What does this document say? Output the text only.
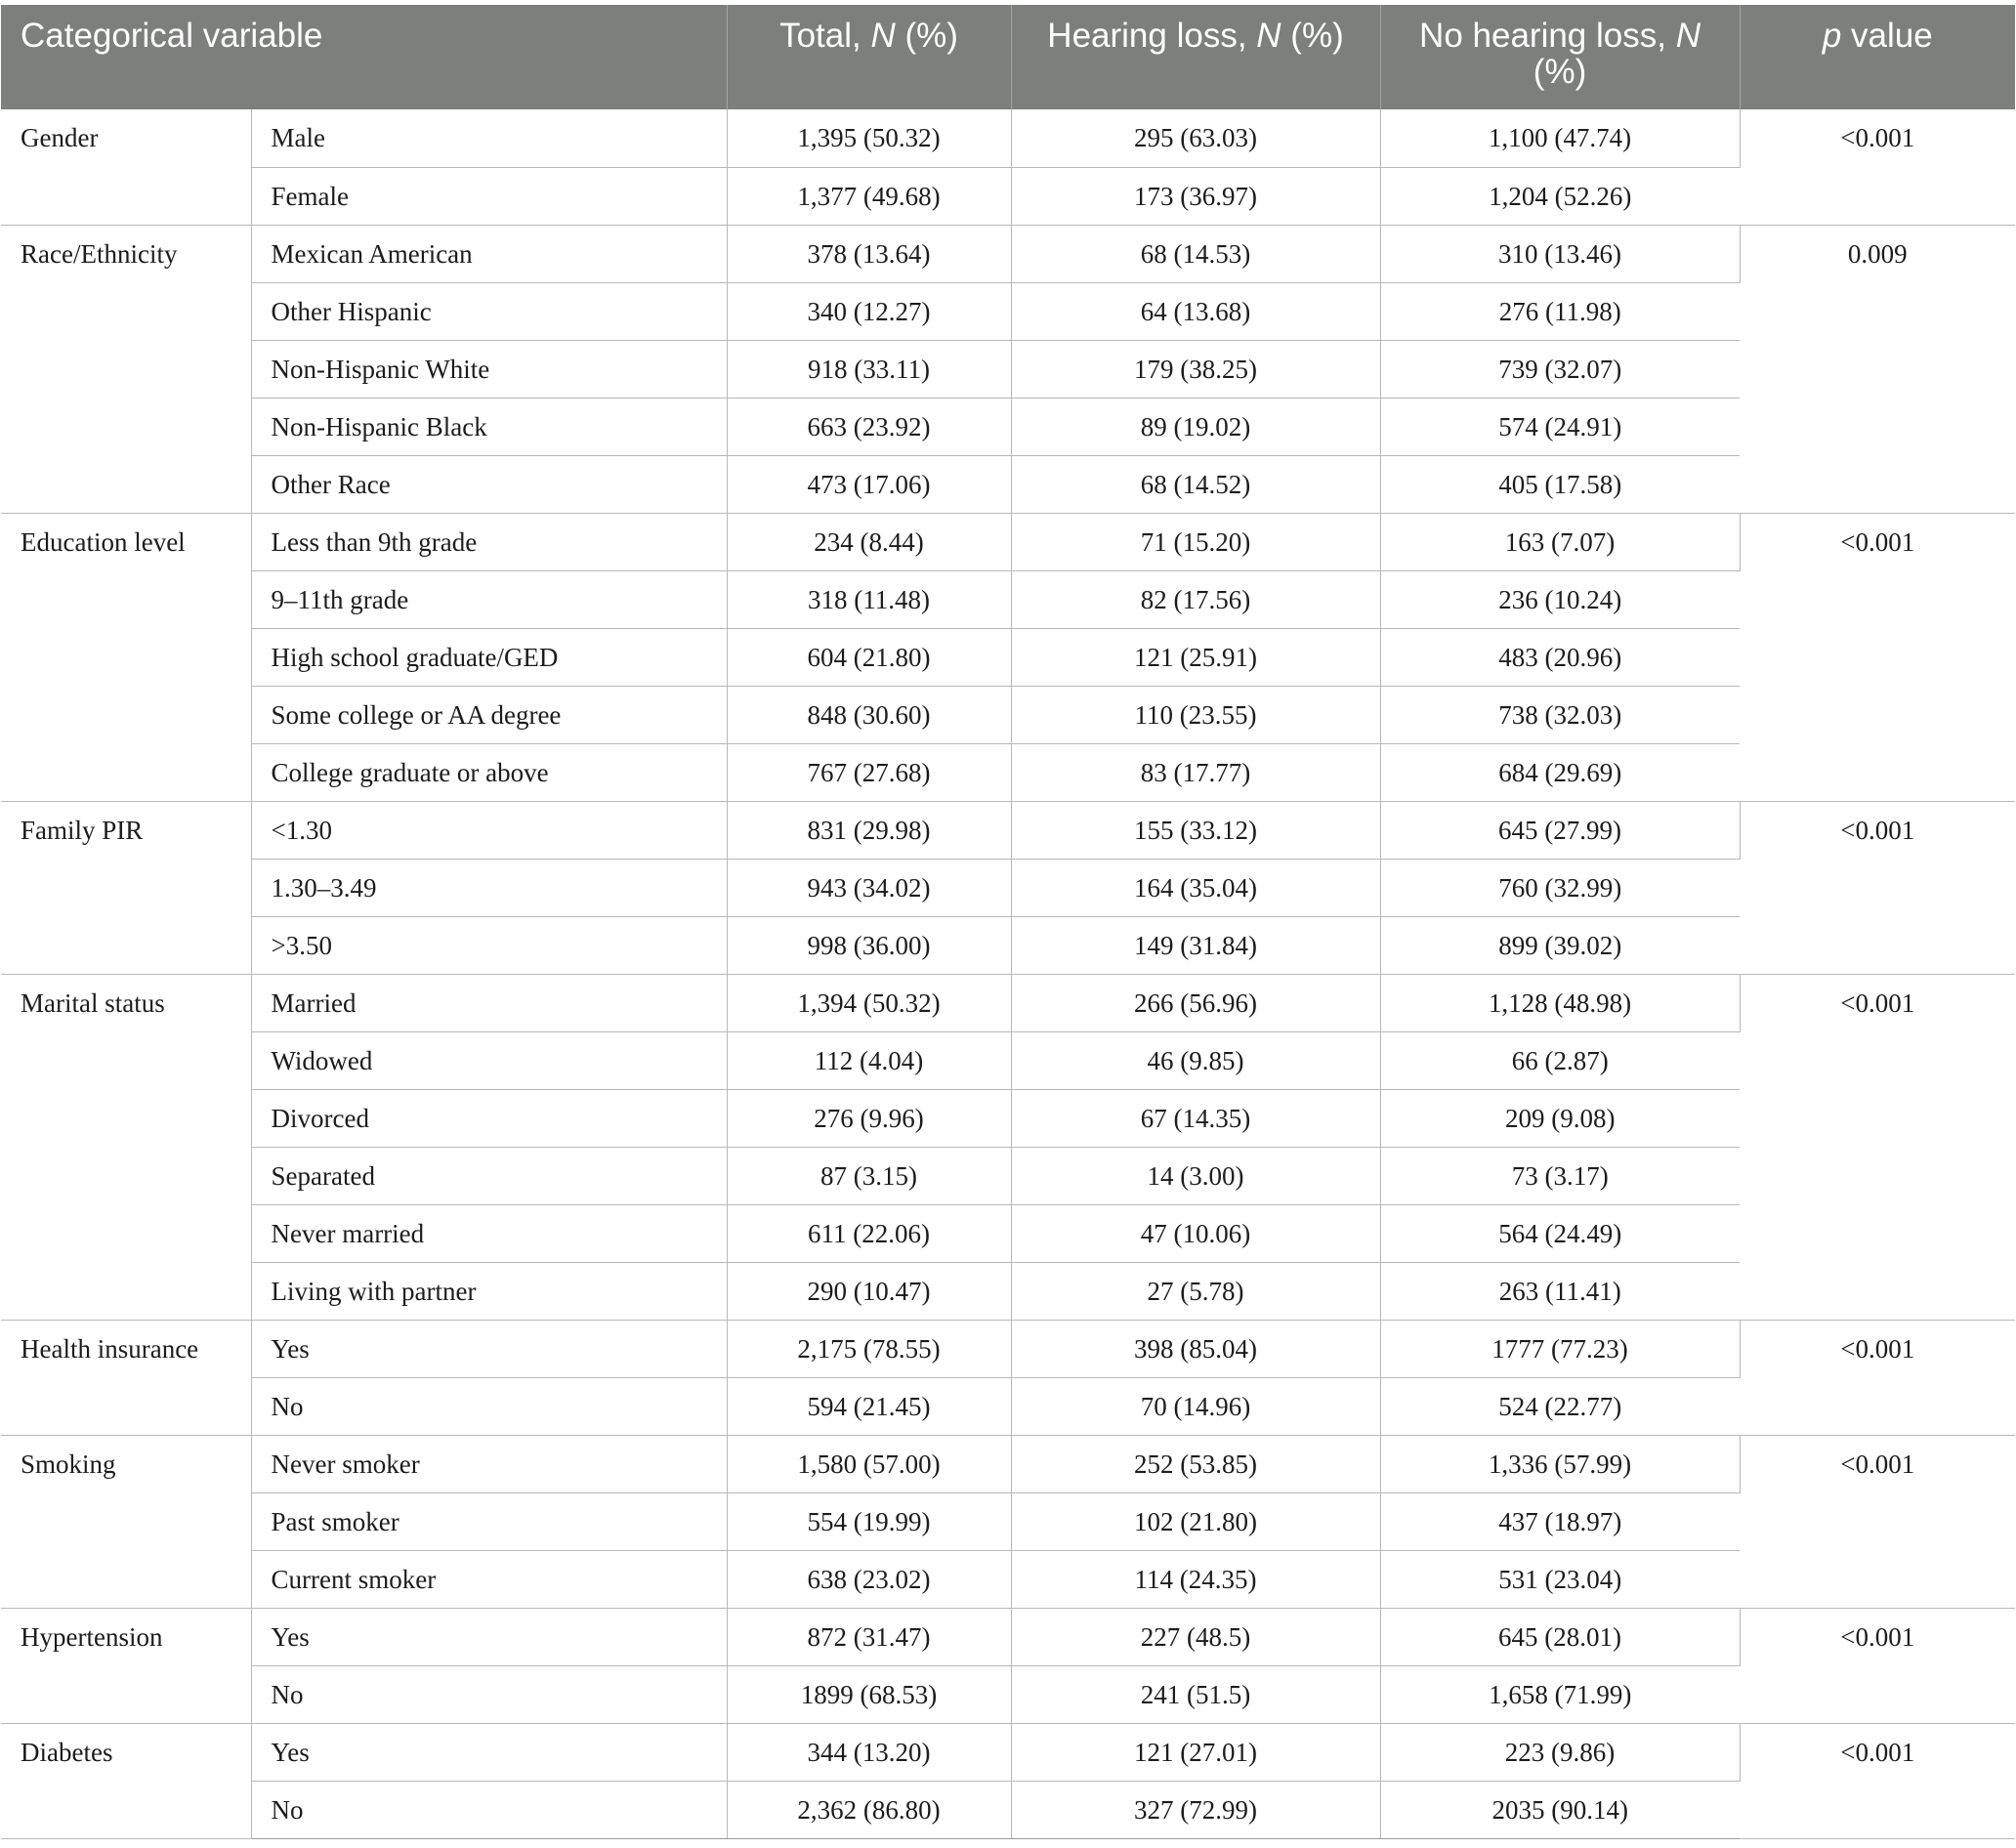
Categorical variable		Total, N (%)	Hearing loss, N (%)	No hearing loss, N (%)	p value
Gender	Male	1,395 (50.32)	295 (63.03)	1,100 (47.74)	<0.001
	Female	1,377 (49.68)	173 (36.97)	1,204 (52.26)	
Race/Ethnicity	Mexican American	378 (13.64)	68 (14.53)	310 (13.46)	0.009
	Other Hispanic	340 (12.27)	64 (13.68)	276 (11.98)	
	Non-Hispanic White	918 (33.11)	179 (38.25)	739 (32.07)	
	Non-Hispanic Black	663 (23.92)	89 (19.02)	574 (24.91)	
	Other Race	473 (17.06)	68 (14.52)	405 (17.58)	
Education level	Less than 9th grade	234 (8.44)	71 (15.20)	163 (7.07)	<0.001
	9–11th grade	318 (11.48)	82 (17.56)	236 (10.24)	
	High school graduate/GED	604 (21.80)	121 (25.91)	483 (20.96)	
	Some college or AA degree	848 (30.60)	110 (23.55)	738 (32.03)	
	College graduate or above	767 (27.68)	83 (17.77)	684 (29.69)	
Family PIR	<1.30	831 (29.98)	155 (33.12)	645 (27.99)	<0.001
	1.30–3.49	943 (34.02)	164 (35.04)	760 (32.99)	
	>3.50	998 (36.00)	149 (31.84)	899 (39.02)	
Marital status	Married	1,394 (50.32)	266 (56.96)	1,128 (48.98)	<0.001
	Widowed	112 (4.04)	46 (9.85)	66 (2.87)	
	Divorced	276 (9.96)	67 (14.35)	209 (9.08)	
	Separated	87 (3.15)	14 (3.00)	73 (3.17)	
	Never married	611 (22.06)	47 (10.06)	564 (24.49)	
	Living with partner	290 (10.47)	27 (5.78)	263 (11.41)	
Health insurance	Yes	2,175 (78.55)	398 (85.04)	1777 (77.23)	<0.001
	No	594 (21.45)	70 (14.96)	524 (22.77)	
Smoking	Never smoker	1,580 (57.00)	252 (53.85)	1,336 (57.99)	<0.001
	Past smoker	554 (19.99)	102 (21.80)	437 (18.97)	
	Current smoker	638 (23.02)	114 (24.35)	531 (23.04)	
Hypertension	Yes	872 (31.47)	227 (48.5)	645 (28.01)	<0.001
	No	1899 (68.53)	241 (51.5)	1,658 (71.99)	
Diabetes	Yes	344 (13.20)	121 (27.01)	223 (9.86)	<0.001
	No	2,362 (86.80)	327 (72.99)	2035 (90.14)	
